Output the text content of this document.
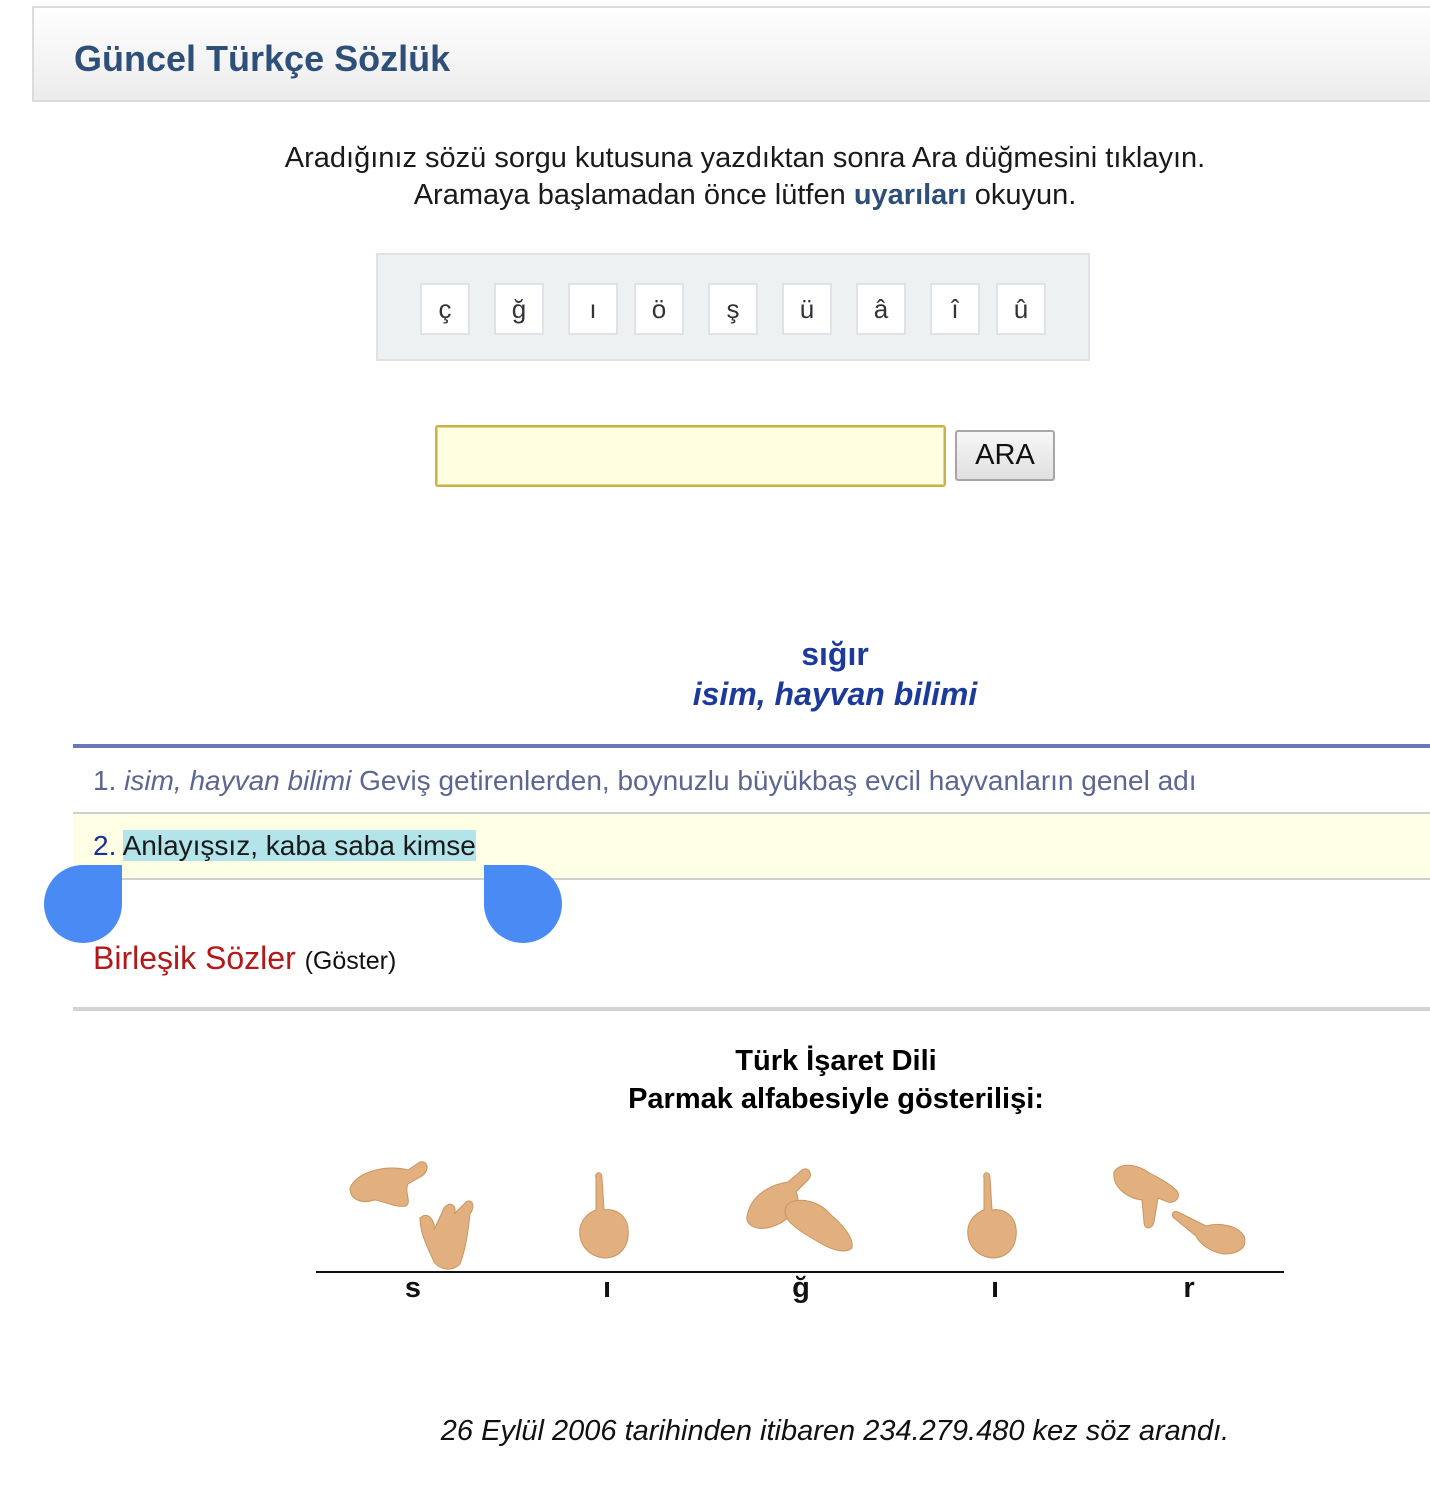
Güncel Türkçe Sözlük
Aradığınız sözü sorgu kutusuna yazdıktan sonra Ara düğmesini tıklayın.
Aramaya başlamadan önce lütfen uyarıları okuyun.
ç	ğ	ı	ö	ş	ü	â	î	û
ARA
sığır
isim, hayvan bilimi
1. isim, hayvan bilimi Geviş getirenlerden, boynuzlu büyükbaş evcil hayvanların genel adı
2. Anlayışsız, kaba saba kimse
Birleşik Sözler (Göster)
Türk İşaret Dili
Parmak alfabesiyle gösterilişi:
s	ı	ğ	ı	r
26 Eylül 2006 tarihinden itibaren 234.279.480 kez söz arandı.
